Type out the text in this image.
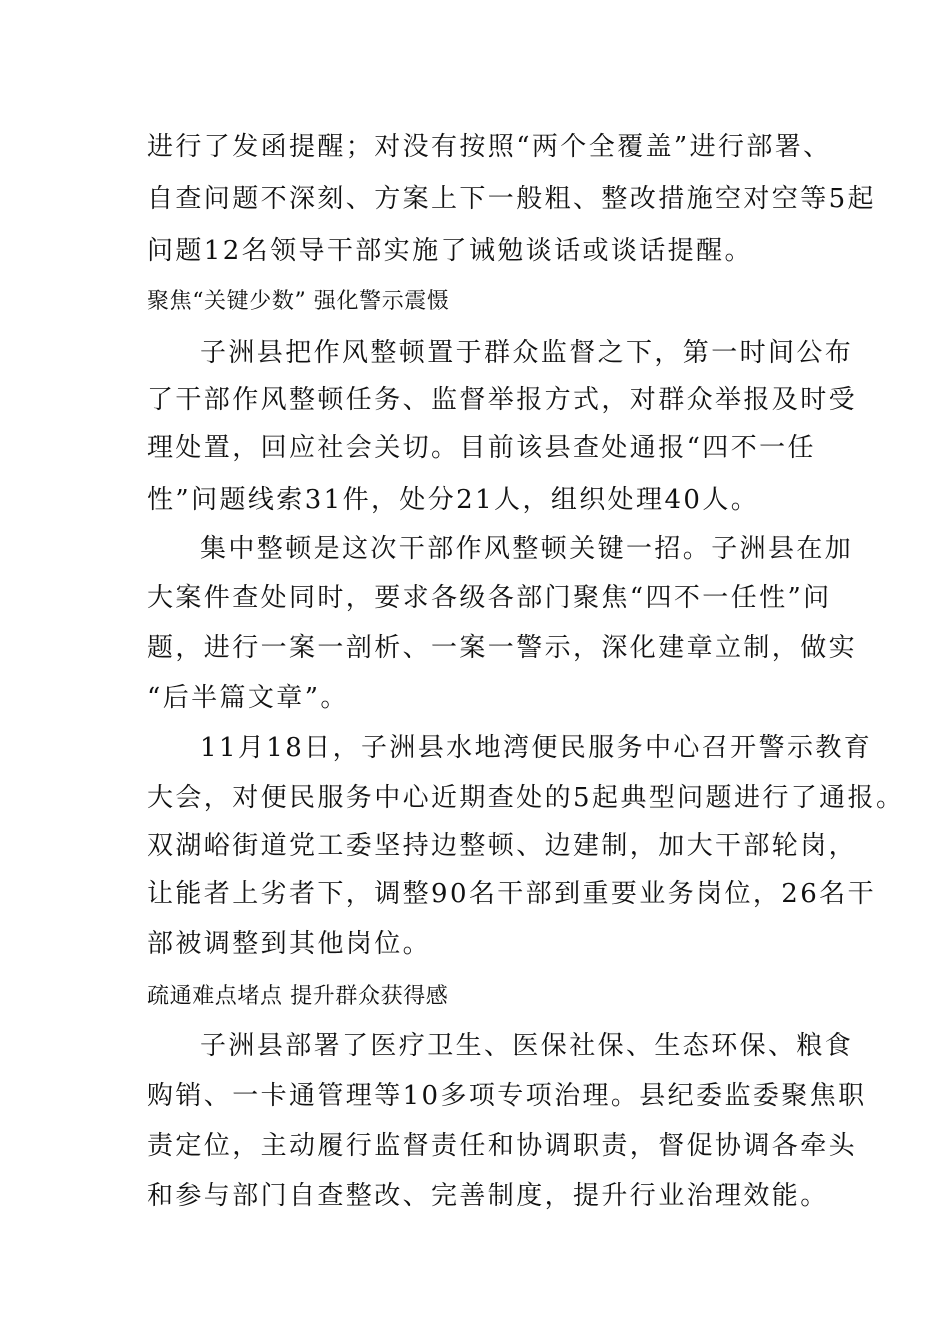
进行了发函提醒；对没有按照“两个全覆盖”进行部署、
自查问题不深刻、方案上下一般粗、整改措施空对空等5起
问题12名领导干部实施了诫勉谈话或谈话提醒。
聚焦“关键少数” 强化警示震慑
子洲县把作风整顿置于群众监督之下，第一时间公布
了干部作风整顿任务、监督举报方式，对群众举报及时受
理处置，回应社会关切。目前该县查处通报“四不一任
性”问题线索31件，处分21人，组织处理40人。
集中整顿是这次干部作风整顿关键一招。子洲县在加
大案件查处同时，要求各级各部门聚焦“四不一任性”问
题，进行一案一剖析、一案一警示，深化建章立制，做实
“后半篇文章”。
11月18日，子洲县水地湾便民服务中心召开警示教育
大会，对便民服务中心近期查处的5起典型问题进行了通报。
双湖峪街道党工委坚持边整顿、边建制，加大干部轮岗，
让能者上劣者下，调整90名干部到重要业务岗位，26名干
部被调整到其他岗位。
疏通难点堵点 提升群众获得感
子洲县部署了医疗卫生、医保社保、生态环保、粮食
购销、一卡通管理等10多项专项治理。县纪委监委聚焦职
责定位，主动履行监督责任和协调职责，督促协调各牵头
和参与部门自查整改、完善制度，提升行业治理效能。
